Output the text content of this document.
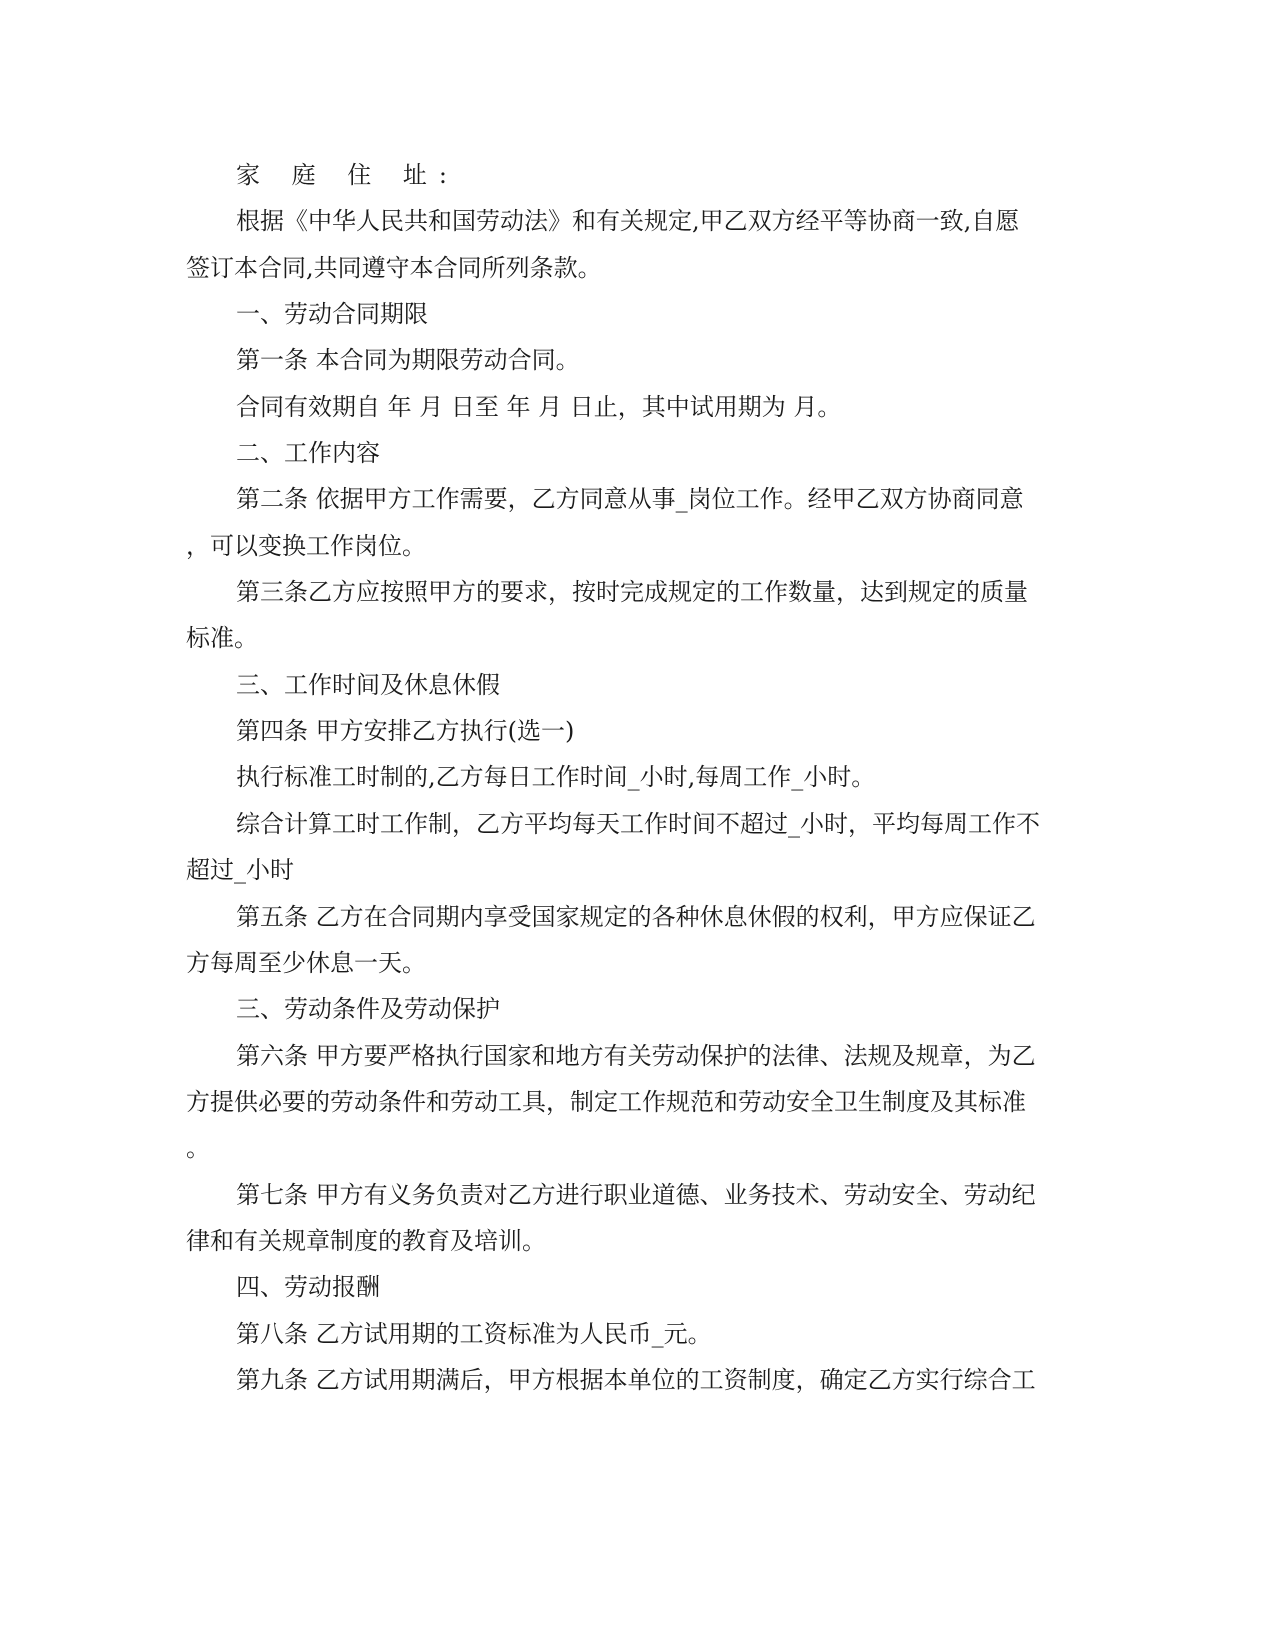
家 庭 住 址:
根据《中华人民共和国劳动法》和有关规定,甲乙双方经平等协商一致,自愿
签订本合同,共同遵守本合同所列条款。
一、劳动合同期限
第一条 本合同为期限劳动合同。
合同有效期自 年 月 日至 年 月 日止，其中试用期为 月。
二、工作内容
第二条 依据甲方工作需要，乙方同意从事_岗位工作。经甲乙双方协商同意
，可以变换工作岗位。
第三条乙方应按照甲方的要求，按时完成规定的工作数量，达到规定的质量
标准。
三、工作时间及休息休假
第四条 甲方安排乙方执行(选一)
执行标准工时制的,乙方每日工作时间_小时,每周工作_小时。
综合计算工时工作制，乙方平均每天工作时间不超过_小时，平均每周工作不
超过_小时
第五条 乙方在合同期内享受国家规定的各种休息休假的权利，甲方应保证乙
方每周至少休息一天。
三、劳动条件及劳动保护
第六条 甲方要严格执行国家和地方有关劳动保护的法律、法规及规章，为乙
方提供必要的劳动条件和劳动工具，制定工作规范和劳动安全卫生制度及其标准
。
第七条 甲方有义务负责对乙方进行职业道德、业务技术、劳动安全、劳动纪
律和有关规章制度的教育及培训。
四、劳动报酬
第八条 乙方试用期的工资标准为人民币_元。
第九条 乙方试用期满后，甲方根据本单位的工资制度，确定乙方实行综合工
